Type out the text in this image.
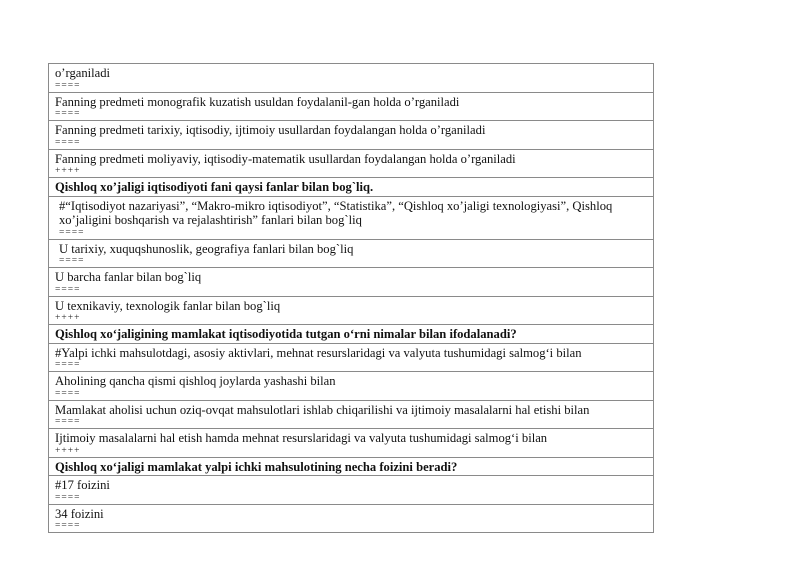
o’rganiladi
====
Fanning predmeti monografik kuzatish usuldan foydalanil-gan holda o’rganiladi
====
Fanning predmeti tarixiy, iqtisodiy, ijtimoiy usullardan foydalangan holda o’rganiladi
====
Fanning predmeti moliyaviy, iqtisodiy-matematik usullardan foydalangan holda o’rganiladi
++++
Qishloq xo’jaligi iqtisodiyoti fani qaysi fanlar bilan bog`liq.
#“Iqtisodiyot nazariyasi”, “Makro-mikro iqtisodiyot”, “Statistika”, “Qishloq xo’jaligi texnologiyasi”, Qishloq xo’jaligini boshqarish va rejalashtirish” fanlari bilan bog`liq
====
U tarixiy, xuquqshunoslik, geografiya fanlari bilan bog`liq
====
U barcha fanlar bilan bog`liq
====
U texnikaviy, texnologik fanlar bilan bog`liq
++++
Qishloq xo‘jaligining mamlakat iqtisodiyotida tutgan o‘rni nimalar bilan ifodalanadi?
#Yalpi ichki mahsulotdagi, asosiy aktivlari, mehnat resurslaridagi va valyuta tushumidagi salmog‘i bilan
====
Aholining qancha qismi qishloq joylarda yashashi bilan
====
Mamlakat aholisi uchun oziq-ovqat mahsulotlari ishlab chiqarilishi va ijtimoiy masalalarni hal etishi bilan
====
Ijtimoiy masalalarni hal etish hamda mehnat resurslaridagi va valyuta tushumidagi salmog‘i bilan
++++
Qishloq xo‘jaligi mamlakat yalpi ichki mahsulotining necha foizini beradi?
#17 foizini
====
34 foizini
====
